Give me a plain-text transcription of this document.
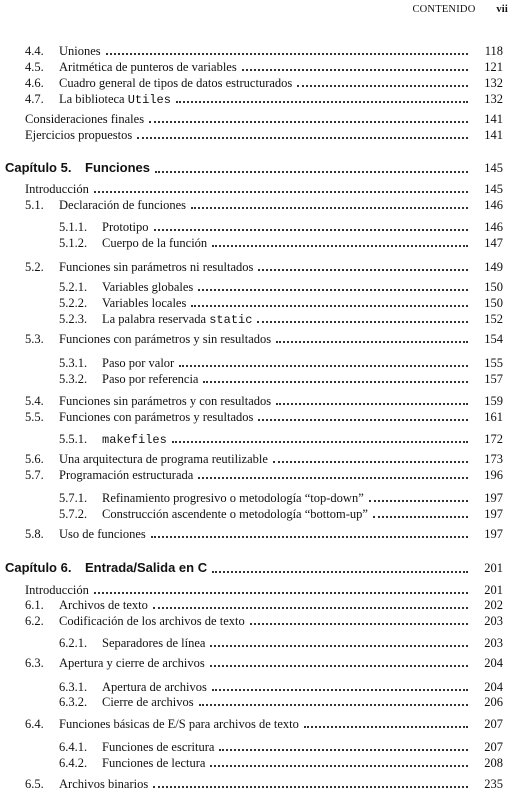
CONTENIDO vii
4.4. Uniones	118
4.5. Aritmética de punteros de variables	121
4.6. Cuadro general de tipos de datos estructurados	132
4.7. La biblioteca Utiles	132
Consideraciones finales	141
Ejercicios propuestos	141
Capítulo 5. Funciones	145
Introducción	145
5.1. Declaración de funciones	146
5.1.1. Prototipo	146
5.1.2. Cuerpo de la función	147
5.2. Funciones sin parámetros ni resultados	149
5.2.1. Variables globales	150
5.2.2. Variables locales	150
5.2.3. La palabra reservada static	152
5.3. Funciones con parámetros y sin resultados	154
5.3.1. Paso por valor	155
5.3.2. Paso por referencia	157
5.4. Funciones sin parámetros y con resultados	159
5.5. Funciones con parámetros y resultados	161
5.5.1. makefiles	172
5.6. Una arquitectura de programa reutilizable	173
5.7. Programación estructurada	196
5.7.1. Refinamiento progresivo o metodología “top-down”	197
5.7.2. Construcción ascendente o metodología “bottom-up”	197
5.8. Uso de funciones	197
Capítulo 6. Entrada/Salida en C	201
Introducción	201
6.1. Archivos de texto	202
6.2. Codificación de los archivos de texto	203
6.2.1. Separadores de línea	203
6.3. Apertura y cierre de archivos	204
6.3.1. Apertura de archivos	204
6.3.2. Cierre de archivos	206
6.4. Funciones básicas de E/S para archivos de texto	207
6.4.1. Funciones de escritura	207
6.4.2. Funciones de lectura	208
6.5. Archivos binarios	235
